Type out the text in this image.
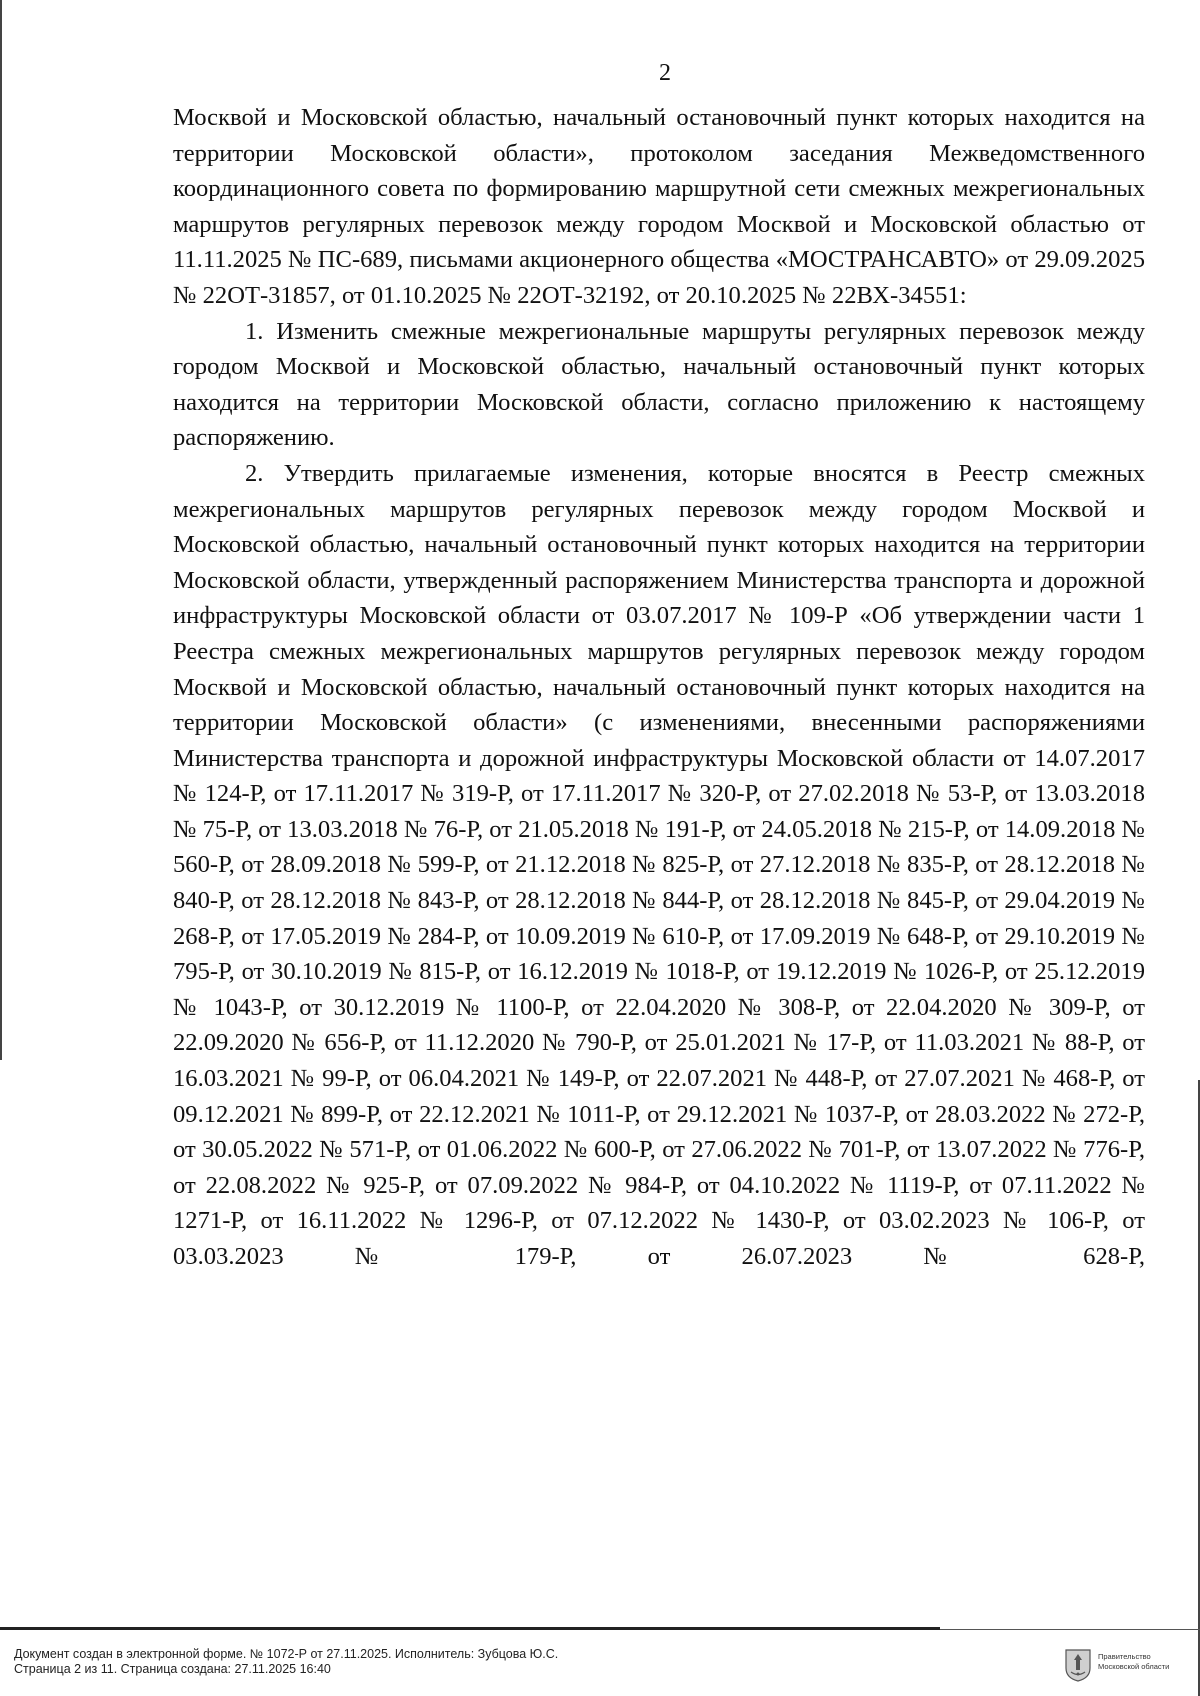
2

Москвой и Московской областью, начальный остановочный пункт которых находится на территории Московской области», протоколом заседания Межведомственного координационного совета по формированию маршрутной сети смежных межрегиональных маршрутов регулярных перевозок между городом Москвой и Московской областью от 11.11.2025 № ПС-689, письмами акционерного общества «МОСТРАНСАВТО» от 29.09.2025 № 22ОТ-31857, от 01.10.2025 № 22ОТ-32192, от 20.10.2025 № 22ВХ-34551:

1. Изменить смежные межрегиональные маршруты регулярных перевозок между городом Москвой и Московской областью, начальный остановочный пункт которых находится на территории Московской области, согласно приложению к настоящему распоряжению.

2. Утвердить прилагаемые изменения, которые вносятся в Реестр смежных межрегиональных маршрутов регулярных перевозок между городом Москвой и Московской областью, начальный остановочный пункт которых находится на территории Московской области, утвержденный распоряжением Министерства транспорта и дорожной инфраструктуры Московской области от 03.07.2017 № 109-Р «Об утверждении части 1 Реестра смежных межрегиональных маршрутов регулярных перевозок между городом Москвой и Московской областью, начальный остановочный пункт которых находится на территории Московской области» (с изменениями, внесенными распоряжениями Министерства транспорта и дорожной инфраструктуры Московской области от 14.07.2017 № 124-Р, от 17.11.2017 № 319-Р, от 17.11.2017 № 320-Р, от 27.02.2018 № 53-Р, от 13.03.2018 № 75-Р, от 13.03.2018 № 76-Р, от 21.05.2018 № 191-Р, от 24.05.2018 № 215-Р, от 14.09.2018 № 560-Р, от 28.09.2018 № 599-Р, от 21.12.2018 № 825-Р, от 27.12.2018 № 835-Р, от 28.12.2018 № 840-Р, от 28.12.2018 № 843-Р, от 28.12.2018 № 844-Р, от 28.12.2018 № 845-Р, от 29.04.2019 № 268-Р, от 17.05.2019 № 284-Р, от 10.09.2019 № 610-Р, от 17.09.2019 № 648-Р, от 29.10.2019 № 795-Р, от 30.10.2019 № 815-Р, от 16.12.2019 № 1018-Р, от 19.12.2019 № 1026-Р, от 25.12.2019 № 1043-Р, от 30.12.2019 № 1100-Р, от 22.04.2020 № 308-Р, от 22.04.2020 № 309-Р, от 22.09.2020 № 656-Р, от 11.12.2020 № 790-Р, от 25.01.2021 № 17-Р, от 11.03.2021 № 88-Р, от 16.03.2021 № 99-Р, от 06.04.2021 № 149-Р, от 22.07.2021 № 448-Р, от 27.07.2021 № 468-Р, от 09.12.2021 № 899-Р, от 22.12.2021 № 1011-Р, от 29.12.2021 № 1037-Р, от 28.03.2022 № 272-Р, от 30.05.2022 № 571-Р, от 01.06.2022 № 600-Р, от 27.06.2022 № 701-Р, от 13.07.2022 № 776-Р, от 22.08.2022 № 925-Р, от 07.09.2022 № 984-Р, от 04.10.2022 № 1119-Р, от 07.11.2022 № 1271-Р, от 16.11.2022 № 1296-Р, от 07.12.2022 № 1430-Р, от 03.02.2023 № 106-Р, от 03.03.2023 № 179-Р, от 26.07.2023 № 628-Р,

Документ создан в электронной форме. № 1072-Р от 27.11.2025. Исполнитель: Зубцова Ю.С.
Страница 2 из 11. Страница создана: 27.11.2025 16:40
Правительство
Московской области
